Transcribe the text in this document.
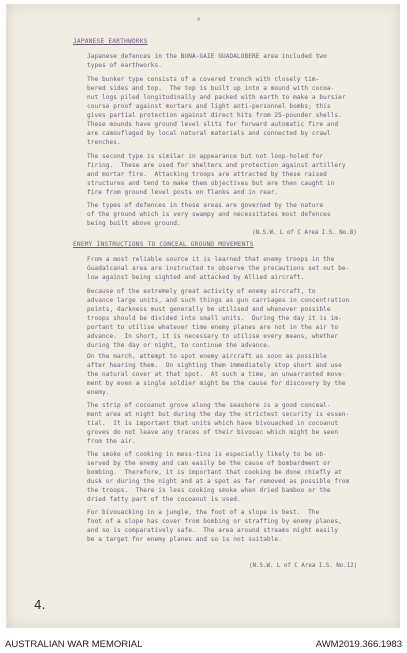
4
JAPANESE EARTHWORKS

Japanese defences in the BUNA-GAIE GUADALOBERE area included two
types of earthworks.

The bunker type consists of a covered trench with closely tim-
bered sides and top.  The top is built up into a mound with cocoa-
nut logs piled longitudinally and packed with earth to make a bursier
course proof against mortars and light anti-personnel bombs; this
gives partial protection against direct hits from 25-pounder shells.
These mounds have ground level slits for forward automatic fire and
are camouflaged by local natural materials and connected by crawl
trenches.

The second type is similar in appearance but not loop-holed for
firing.  These are used for shelters and protection against artillery
and mortar fire.  Attacking troops are attracted by these raised
structures and tend to make them objectives but are then caught in
fire from ground level posts on flanks and in rear.

The types of defences in these areas are governed by the nature
of the ground which is very swampy and necessitates most defences
being built above ground.

(N.S.W. L of C Area I.S. No.8)
ENEMY INSTRUCTIONS TO CONCEAL GROUND MOVEMENTS

From a most reliable source it is learned that enemy troops in the
Guadalcanal area are instructed to observe the precautions set out be-
low against being sighted and attacked by Allied aircraft.

Because of the extremely great activity of enemy aircraft, to
advance large units, and such things as gun carriages in concentration
points, darkness must generally be utilised and whenever possible
troops should be divided into small units.  During the day it is im-
portant to utilise whatever time enemy planes are not in the air to
advance.  In short, it is necessary to utilise every means, whether
during the day or night, to continue the advance.

On the march, attempt to spot enemy aircraft as soon as possible
after hearing them.  On sighting them immediately stop short and use
the natural cover at that spot.  At such a time, an unwarranted move-
ment by even a single soldier might be the cause for discovery by the
enemy.

The strip of cocoanut grove along the seashore is a good conceal-
ment area at night but during the day the strictest security is essen-
tial.  It is important that units which have bivouacked in cocoanut
groves do not leave any traces of their bivouac which might be seen
from the air.

The smoke of cooking in mess-tins is especially likely to be ob-
served by the enemy and can easily be the cause of bombardment or
bombing.  Therefore, it is important that cooking be done chiefly at
dusk or during the night and at a spot as far removed as possible from
the troops.  There is less cooking smoke when dried bamboo or the
dried fatty part of the cocoanut is used.

For bivouacking in a jungle, the foot of a slope is best.  The
foot of a slope has cover from bombing or straffing by enemy planes,
and so is comparatively safe.  The area around streams might easily
be a target for enemy planes and so is not suitable.

(N.S.W. L of C Area I.S. No.12)
4.
AUSTRALIAN WAR MEMORIAL	AWM2019.366.1983
